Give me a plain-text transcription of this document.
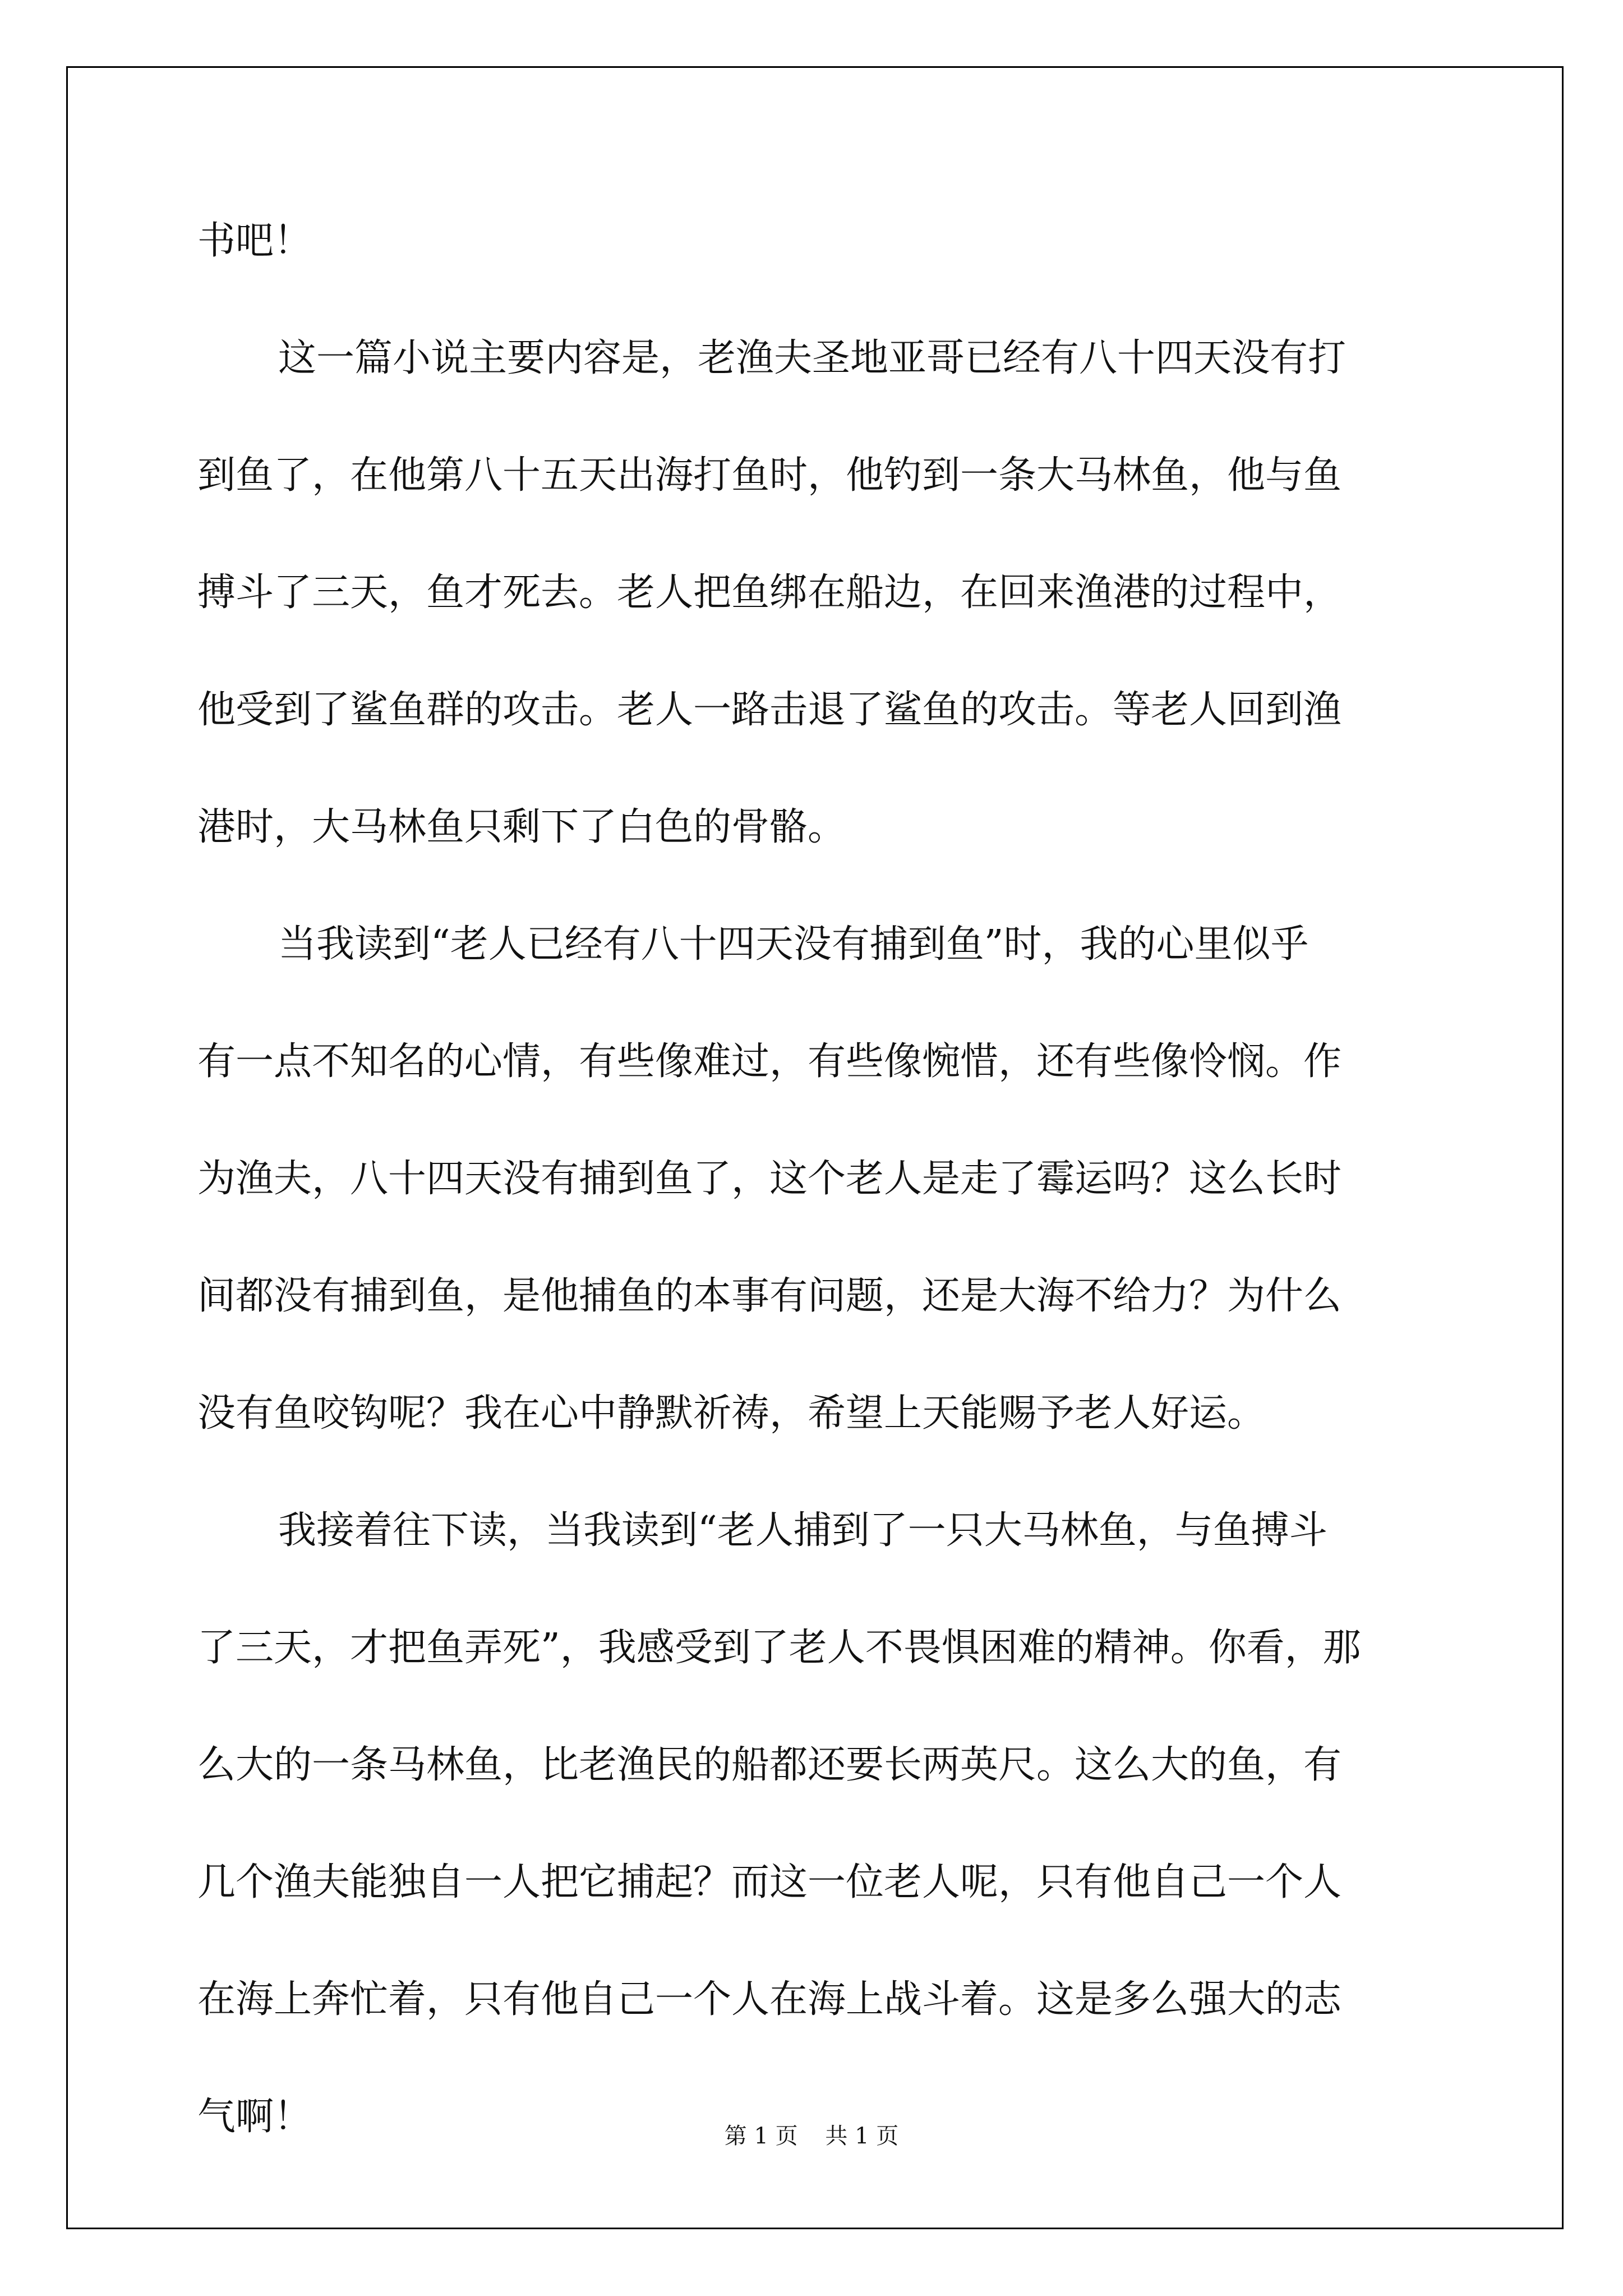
书吧！
这一篇小说主要内容是，老渔夫圣地亚哥已经有八十四天没有打
到鱼了，在他第八十五天出海打鱼时，他钓到一条大马林鱼，他与鱼
搏斗了三天，鱼才死去。老人把鱼绑在船边，在回来渔港的过程中，
他受到了鲨鱼群的攻击。老人一路击退了鲨鱼的攻击。等老人回到渔
港时，大马林鱼只剩下了白色的骨骼。
当我读到“老人已经有八十四天没有捕到鱼”时，我的心里似乎
有一点不知名的心情，有些像难过，有些像惋惜，还有些像怜悯。作
为渔夫，八十四天没有捕到鱼了，这个老人是走了霉运吗？这么长时
间都没有捕到鱼，是他捕鱼的本事有问题，还是大海不给力？为什么
没有鱼咬钩呢？我在心中静默祈祷，希望上天能赐予老人好运。
我接着往下读，当我读到“老人捕到了一只大马林鱼，与鱼搏斗
了三天，才把鱼弄死”，我感受到了老人不畏惧困难的精神。你看，那
么大的一条马林鱼，比老渔民的船都还要长两英尺。这么大的鱼，有
几个渔夫能独自一人把它捕起？而这一位老人呢，只有他自己一个人
在海上奔忙着，只有他自己一个人在海上战斗着。这是多么强大的志
气啊！	第 1 页 共 1 页
